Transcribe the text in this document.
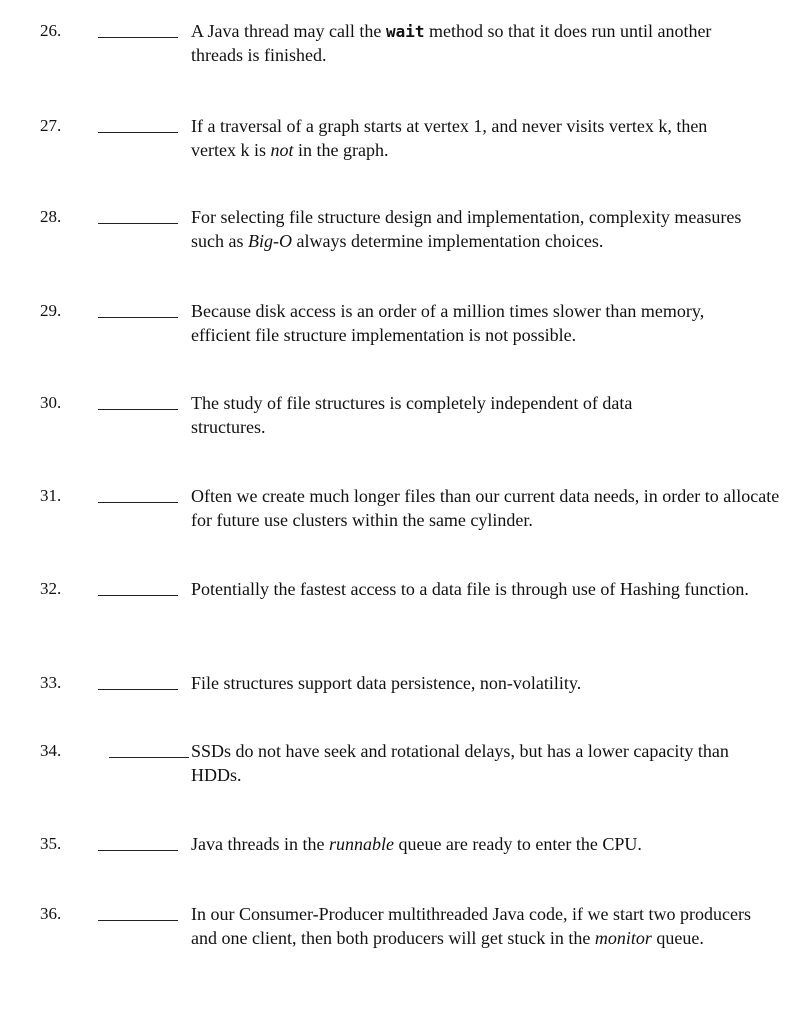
26.	A Java thread may call the wait method so that it does run until another threads is finished.
27.	If a traversal of a graph starts at vertex 1, and never visits vertex k, then vertex k is not in the graph.
28.	For selecting file structure design and implementation, complexity measures such as Big-O always determine implementation choices.
29.	Because disk access is an order of a million times slower than memory, efficient file structure implementation is not possible.
30.	The study of file structures is completely independent of data structures.
31.	Often we create much longer files than our current data needs, in order to allocate for future use clusters within the same cylinder.
32.	Potentially the fastest access to a data file is through use of Hashing function.
33.	File structures support data persistence, non-volatility.
34.	SSDs do not have seek and rotational delays, but has a lower capacity than HDDs.
35.	Java threads in the runnable queue are ready to enter the CPU.
36.	In our Consumer-Producer multithreaded Java code, if we start two producers and one client, then both producers will get stuck in the monitor queue.
